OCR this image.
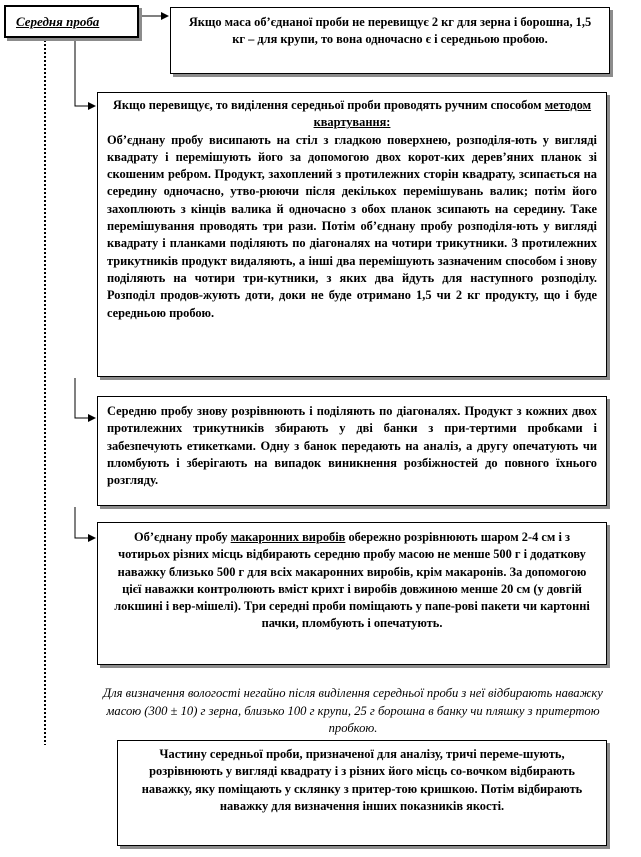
Середня проба	Якщо маса об’єднаної проби не перевищує 2 кг для зерна і борошна, 1,5 кг – для крупи, то вона одночасно є і середньою пробою.

Якщо перевищує, то виділення середньої проби проводять ручним способом методом квартування:

Об’єднану пробу висипають на стіл з гладкою поверхнею, розподіля-ють у вигляді квадрату і перемішують його за допомогою двох корот-ких дерев’яних планок зі скошеним ребром. Продукт, захоплений з протилежних сторін квадрату, зсипається на середину одночасно, утво-рюючи після декількох перемішувань валик; потім його захоплюють з кінців валика й одночасно з обох планок зсипають на середину. Таке перемішування проводять три рази. Потім об’єднану пробу розподіля-ють у вигляді квадрату і планками поділяють по діагоналях на чотири трикутники. З протилежних трикутників продукт видаляють, а інші два перемішують зазначеним способом і знову поділяють на чотири три-кутники, з яких два йдуть для наступного розподілу. Розподіл продов-жують доти, доки не буде отримано 1,5 чи 2 кг продукту, що і буде середньою пробою.

Середню пробу знову розрівнюють і поділяють по діагоналях. Продукт з кожних двох протилежних трикутників збирають у дві банки з при-тертими пробками і забезпечують етикетками. Одну з банок передають на аналіз, а другу опечатують чи пломбують і зберігають на випадок виникнення розбіжностей до повного їхнього розгляду.

Об’єднану пробу макаронних виробів обережно розрівнюють шаром 2-4 см і з чотирьох різних місць відбирають середню пробу масою не менше 500 г і додаткову наважку близько 500 г для всіх макаронних виробів, крім макаронів. За допомогою цієї наважки контролюють вміст крихт і виробів довжиною менше 20 см (у довгій локшині і вер-мішелі). Три середні проби поміщають у папе-рові пакети чи картонні пачки, пломбують і опечатують.

Для визначення вологості негайно після виділення середньої проби з неї відбирають наважку масою (300 ± 10) г зерна, близько 100 г крупи, 25 г борошна в банку чи пляшку з притертою пробкою.

Частину середньої проби, призначеної для аналізу, тричі переме-шують, розрівнюють у вигляді квадрату і з різних його місць со-вочком відбирають наважку, яку поміщають у склянку з притер-тою кришкою. Потім відбирають наважку для визначення інших показників якості.
